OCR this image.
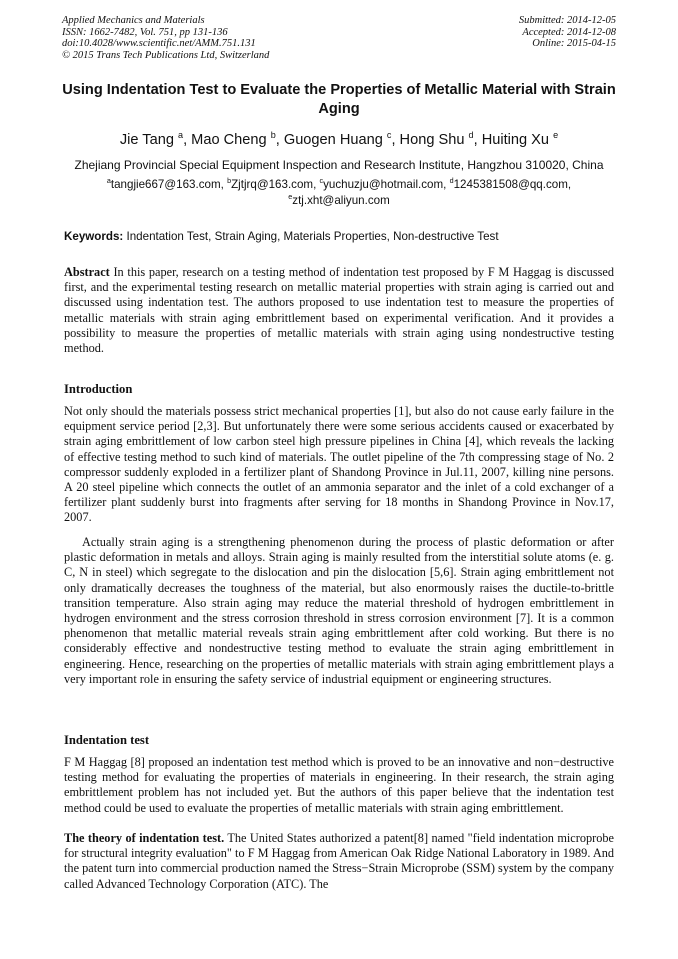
Applied Mechanics and Materials
ISSN: 1662-7482, Vol. 751, pp 131-136
doi:10.4028/www.scientific.net/AMM.751.131
© 2015 Trans Tech Publications Ltd, Switzerland
Submitted: 2014-12-05
Accepted: 2014-12-08
Online: 2015-04-15
Using Indentation Test to Evaluate the Properties of Metallic Material with Strain Aging
Jie Tang $^a$, Mao Cheng $^b$, Guogen Huang $^c$, Hong Shu $^d$, Huiting Xu $^e$
Zhejiang Provincial Special Equipment Inspection and Research Institute, Hangzhou 310020, China
$^a$tangjie667@163.com, $^b$Zjtjrq@163.com, $^c$yuchuzju@hotmail.com, $^d$1245381508@qq.com,
$^e$ztj.xht@aliyun.com
Keywords: Indentation Test, Strain Aging, Materials Properties, Non-destructive Test
Abstract In this paper, research on a testing method of indentation test proposed by F M Haggag is discussed first, and the experimental testing research on metallic material properties with strain aging is carried out and discussed using indentation test. The authors proposed to use indentation test to measure the properties of metallic materials with strain aging embrittlement based on experimental verification. And it provides a possibility to measure the properties of metallic materials with strain aging using nondestructive testing method.
Introduction
Not only should the materials possess strict mechanical properties [1], but also do not cause early failure in the equipment service period [2,3]. But unfortunately there were some serious accidents caused or exacerbated by strain aging embrittlement of low carbon steel high pressure pipelines in China [4], which reveals the lacking of effective testing method to such kind of materials. The outlet pipeline of the 7th compressing stage of No. 2 compressor suddenly exploded in a fertilizer plant of Shandong Province in Jul.11, 2007, killing nine persons. A 20 steel pipeline which connects the outlet of an ammonia separator and the inlet of a cold exchanger of a fertilizer plant suddenly burst into fragments after serving for 18 months in Shandong Province in Nov.17, 2007.
Actually strain aging is a strengthening phenomenon during the process of plastic deformation or after plastic deformation in metals and alloys. Strain aging is mainly resulted from the interstitial solute atoms (e. g. C, N in steel) which segregate to the dislocation and pin the dislocation [5,6]. Strain aging embrittlement not only dramatically decreases the toughness of the material, but also enormously raises the ductile-to-brittle transition temperature. Also strain aging may reduce the material threshold of hydrogen embrittlement in hydrogen environment and the stress corrosion threshold in stress corrosion environment [7]. It is a common phenomenon that metallic material reveals strain aging embrittlement after cold working. But there is no considerably effective and nondestructive testing method to evaluate the strain aging embrittlement in engineering. Hence, researching on the properties of metallic materials with strain aging embrittlement plays a very important role in ensuring the safety service of industrial equipment or engineering structures.
Indentation test
F M Haggag [8] proposed an indentation test method which is proved to be an innovative and non−destructive testing method for evaluating the properties of materials in engineering. In their research, the strain aging embrittlement problem has not included yet. But the authors of this paper believe that the indentation test method could be used to evaluate the properties of metallic materials with strain aging embrittlement.
The theory of indentation test. The United States authorized a patent[8] named "field indentation microprobe for structural integrity evaluation" to F M Haggag from American Oak Ridge National Laboratory in 1989. And the patent turn into commercial production named the Stress−Strain Microprobe (SSM) system by the company called Advanced Technology Corporation (ATC). The
